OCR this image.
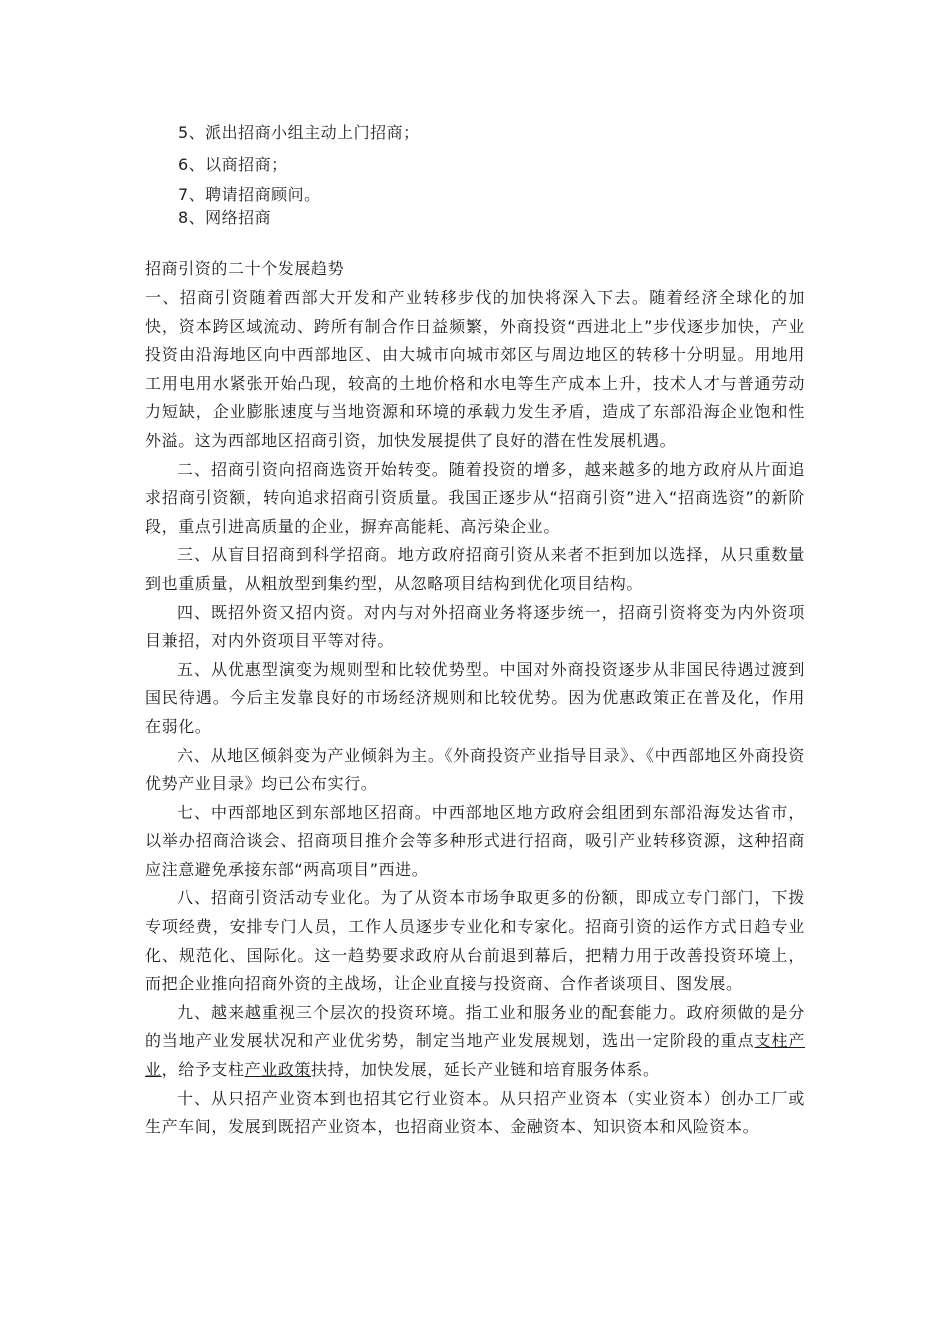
5、派出招商小组主动上门招商；
6、以商招商；
7、聘请招商顾问。
8、网络招商

招商引资的二十个发展趋势

一、招商引资随着西部大开发和产业转移步伐的加快将深入下去。随着经济全球化的加快，资本跨区域流动、跨所有制合作日益频繁，外商投资“西进北上”步伐逐步加快，产业投资由沿海地区向中西部地区、由大城市向城市郊区与周边地区的转移十分明显。用地用工用电用水紧张开始凸现，较高的土地价格和水电等生产成本上升，技术人才与普通劳动力短缺，企业膨胀速度与当地资源和环境的承载力发生矛盾，造成了东部沿海企业饱和性外溢。这为西部地区招商引资，加快发展提供了良好的潜在性发展机遇。

二、招商引资向招商选资开始转变。随着投资的增多，越来越多的地方政府从片面追求招商引资额，转向追求招商引资质量。我国正逐步从“招商引资”进入“招商选资”的新阶段，重点引进高质量的企业，摒弃高能耗、高污染企业。

三、从盲目招商到科学招商。地方政府招商引资从来者不拒到加以选择，从只重数量到也重质量，从粗放型到集约型，从忽略项目结构到优化项目结构。

四、既招外资又招内资。对内与对外招商业务将逐步统一，招商引资将变为内外资项目兼招，对内外资项目平等对待。

五、从优惠型演变为规则型和比较优势型。中国对外商投资逐步从非国民待遇过渡到国民待遇。今后主发靠良好的市场经济规则和比较优势。因为优惠政策正在普及化，作用在弱化。

六、从地区倾斜变为产业倾斜为主。《外商投资产业指导目录》、《中西部地区外商投资优势产业目录》均已公布实行。

七、中西部地区到东部地区招商。中西部地区地方政府会组团到东部沿海发达省市，以举办招商洽谈会、招商项目推介会等多种形式进行招商，吸引产业转移资源，这种招商应注意避免承接东部“两高项目”西进。

八、招商引资活动专业化。为了从资本市场争取更多的份额，即成立专门部门，下拨专项经费，安排专门人员，工作人员逐步专业化和专家化。招商引资的运作方式日趋专业化、规范化、国际化。这一趋势要求政府从台前退到幕后，把精力用于改善投资环境上，而把企业推向招商外资的主战场，让企业直接与投资商、合作者谈项目、图发展。

九、越来越重视三个层次的投资环境。指工业和服务业的配套能力。政府须做的是分的当地产业发展状况和产业优劣势，制定当地产业发展规划，选出一定阶段的重点支柱产业，给予支柱产业政策扶持，加快发展，延长产业链和培育服务体系。

十、从只招产业资本到也招其它行业资本。从只招产业资本（实业资本）创办工厂或生产车间，发展到既招产业资本，也招商业资本、金融资本、知识资本和风险资本。
